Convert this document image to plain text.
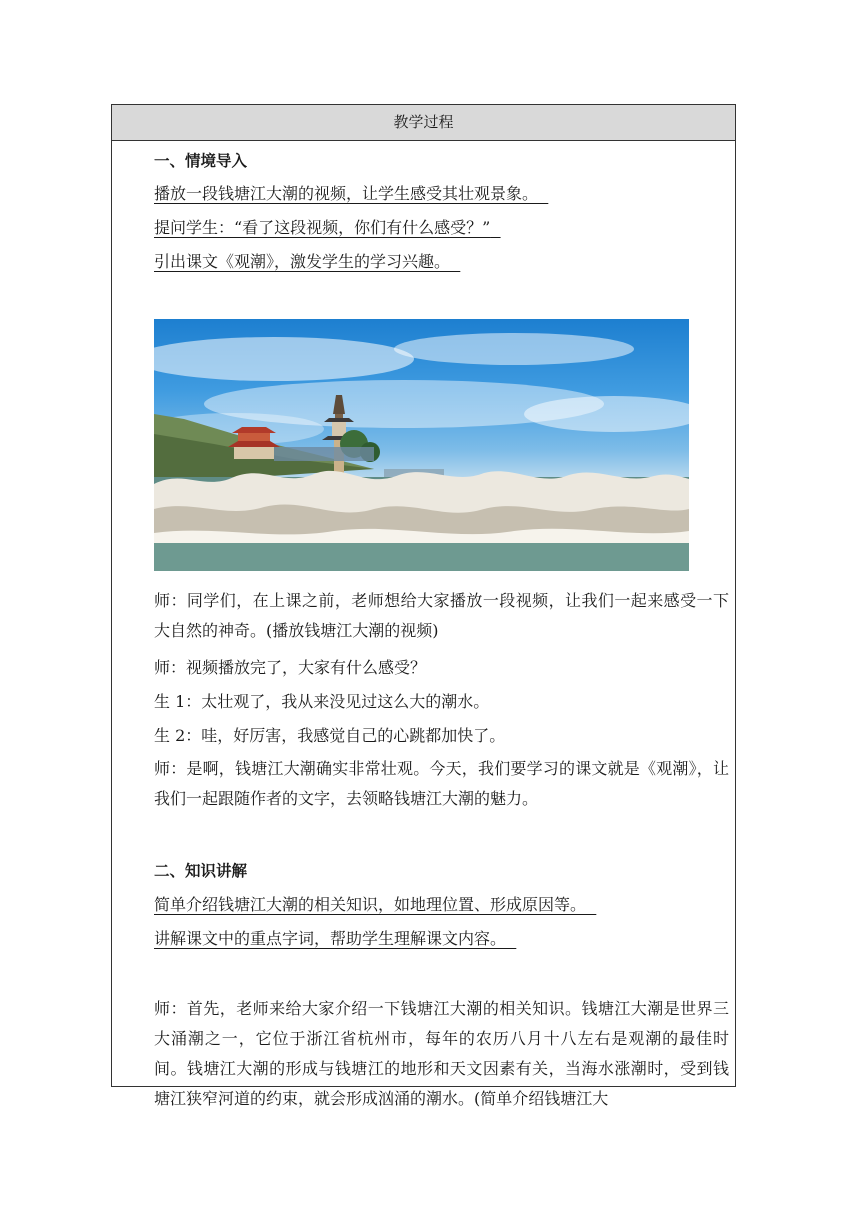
教学过程
一、情境导入
播放一段钱塘江大潮的视频，让学生感受其壮观景象。
提问学生：“看了这段视频，你们有什么感受？”
引出课文《观潮》，激发学生的学习兴趣。
师：同学们，在上课之前，老师想给大家播放一段视频，让我们一起来感受一下大自然的神奇。(播放钱塘江大潮的视频)
师：视频播放完了，大家有什么感受？
生 1：太壮观了，我从来没见过这么大的潮水。
生 2：哇，好厉害，我感觉自己的心跳都加快了。
师：是啊，钱塘江大潮确实非常壮观。今天，我们要学习的课文就是《观潮》，让我们一起跟随作者的文字，去领略钱塘江大潮的魅力。
二、知识讲解
简单介绍钱塘江大潮的相关知识，如地理位置、形成原因等。
讲解课文中的重点字词，帮助学生理解课文内容。
师：首先，老师来给大家介绍一下钱塘江大潮的相关知识。钱塘江大潮是世界三大涌潮之一，它位于浙江省杭州市，每年的农历八月十八左右是观潮的最佳时间。钱塘江大潮的形成与钱塘江的地形和天文因素有关，当海水涨潮时，受到钱塘江狭窄河道的约束，就会形成汹涌的潮水。(简单介绍钱塘江大
